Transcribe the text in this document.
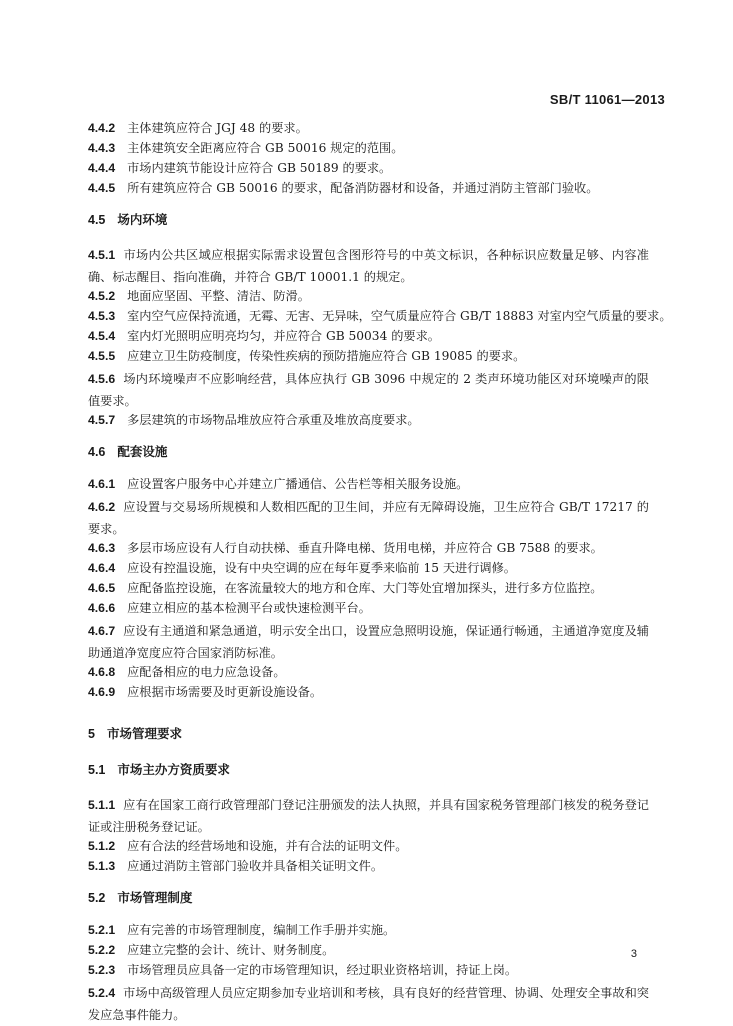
SB/T 11061—2013
4.4.2 主体建筑应符合 JGJ 48 的要求。
4.4.3 主体建筑安全距离应符合 GB 50016 规定的范围。
4.4.4 市场内建筑节能设计应符合 GB 50189 的要求。
4.4.5 所有建筑应符合 GB 50016 的要求，配备消防器材和设备，并通过消防主管部门验收。
4.5 场内环境
4.5.1 市场内公共区域应根据实际需求设置包含图形符号的中英文标识，各种标识应数量足够、内容准确、标志醒目、指向准确，并符合 GB/T 10001.1 的规定。
4.5.2 地面应坚固、平整、清洁、防滑。
4.5.3 室内空气应保持流通，无霉、无害、无异味，空气质量应符合 GB/T 18883 对室内空气质量的要求。
4.5.4 室内灯光照明应明亮均匀，并应符合 GB 50034 的要求。
4.5.5 应建立卫生防疫制度，传染性疾病的预防措施应符合 GB 19085 的要求。
4.5.6 场内环境噪声不应影响经营，具体应执行 GB 3096 中规定的 2 类声环境功能区对环境噪声的限值要求。
4.5.7 多层建筑的市场物品堆放应符合承重及堆放高度要求。
4.6 配套设施
4.6.1 应设置客户服务中心并建立广播通信、公告栏等相关服务设施。
4.6.2 应设置与交易场所规模和人数相匹配的卫生间，并应有无障碍设施，卫生应符合 GB/T 17217 的要求。
4.6.3 多层市场应设有人行自动扶梯、垂直升降电梯、货用电梯，并应符合 GB 7588 的要求。
4.6.4 应设有控温设施，设有中央空调的应在每年夏季来临前 15 天进行调修。
4.6.5 应配备监控设施，在客流量较大的地方和仓库、大门等处宜增加探头，进行多方位监控。
4.6.6 应建立相应的基本检测平台或快速检测平台。
4.6.7 应设有主通道和紧急通道，明示安全出口，设置应急照明设施，保证通行畅通，主通道净宽度及辅助通道净宽度应符合国家消防标准。
4.6.8 应配备相应的电力应急设备。
4.6.9 应根据市场需要及时更新设施设备。
5 市场管理要求
5.1 市场主办方资质要求
5.1.1 应有在国家工商行政管理部门登记注册颁发的法人执照，并具有国家税务管理部门核发的税务登记证或注册税务登记证。
5.1.2 应有合法的经营场地和设施，并有合法的证明文件。
5.1.3 应通过消防主管部门验收并具备相关证明文件。
5.2 市场管理制度
5.2.1 应有完善的市场管理制度，编制工作手册并实施。
5.2.2 应建立完整的会计、统计、财务制度。
5.2.3 市场管理员应具备一定的市场管理知识，经过职业资格培训，持证上岗。
5.2.4 市场中高级管理人员应定期参加专业培训和考核，具有良好的经营管理、协调、处理安全事故和突发应急事件能力。
3
